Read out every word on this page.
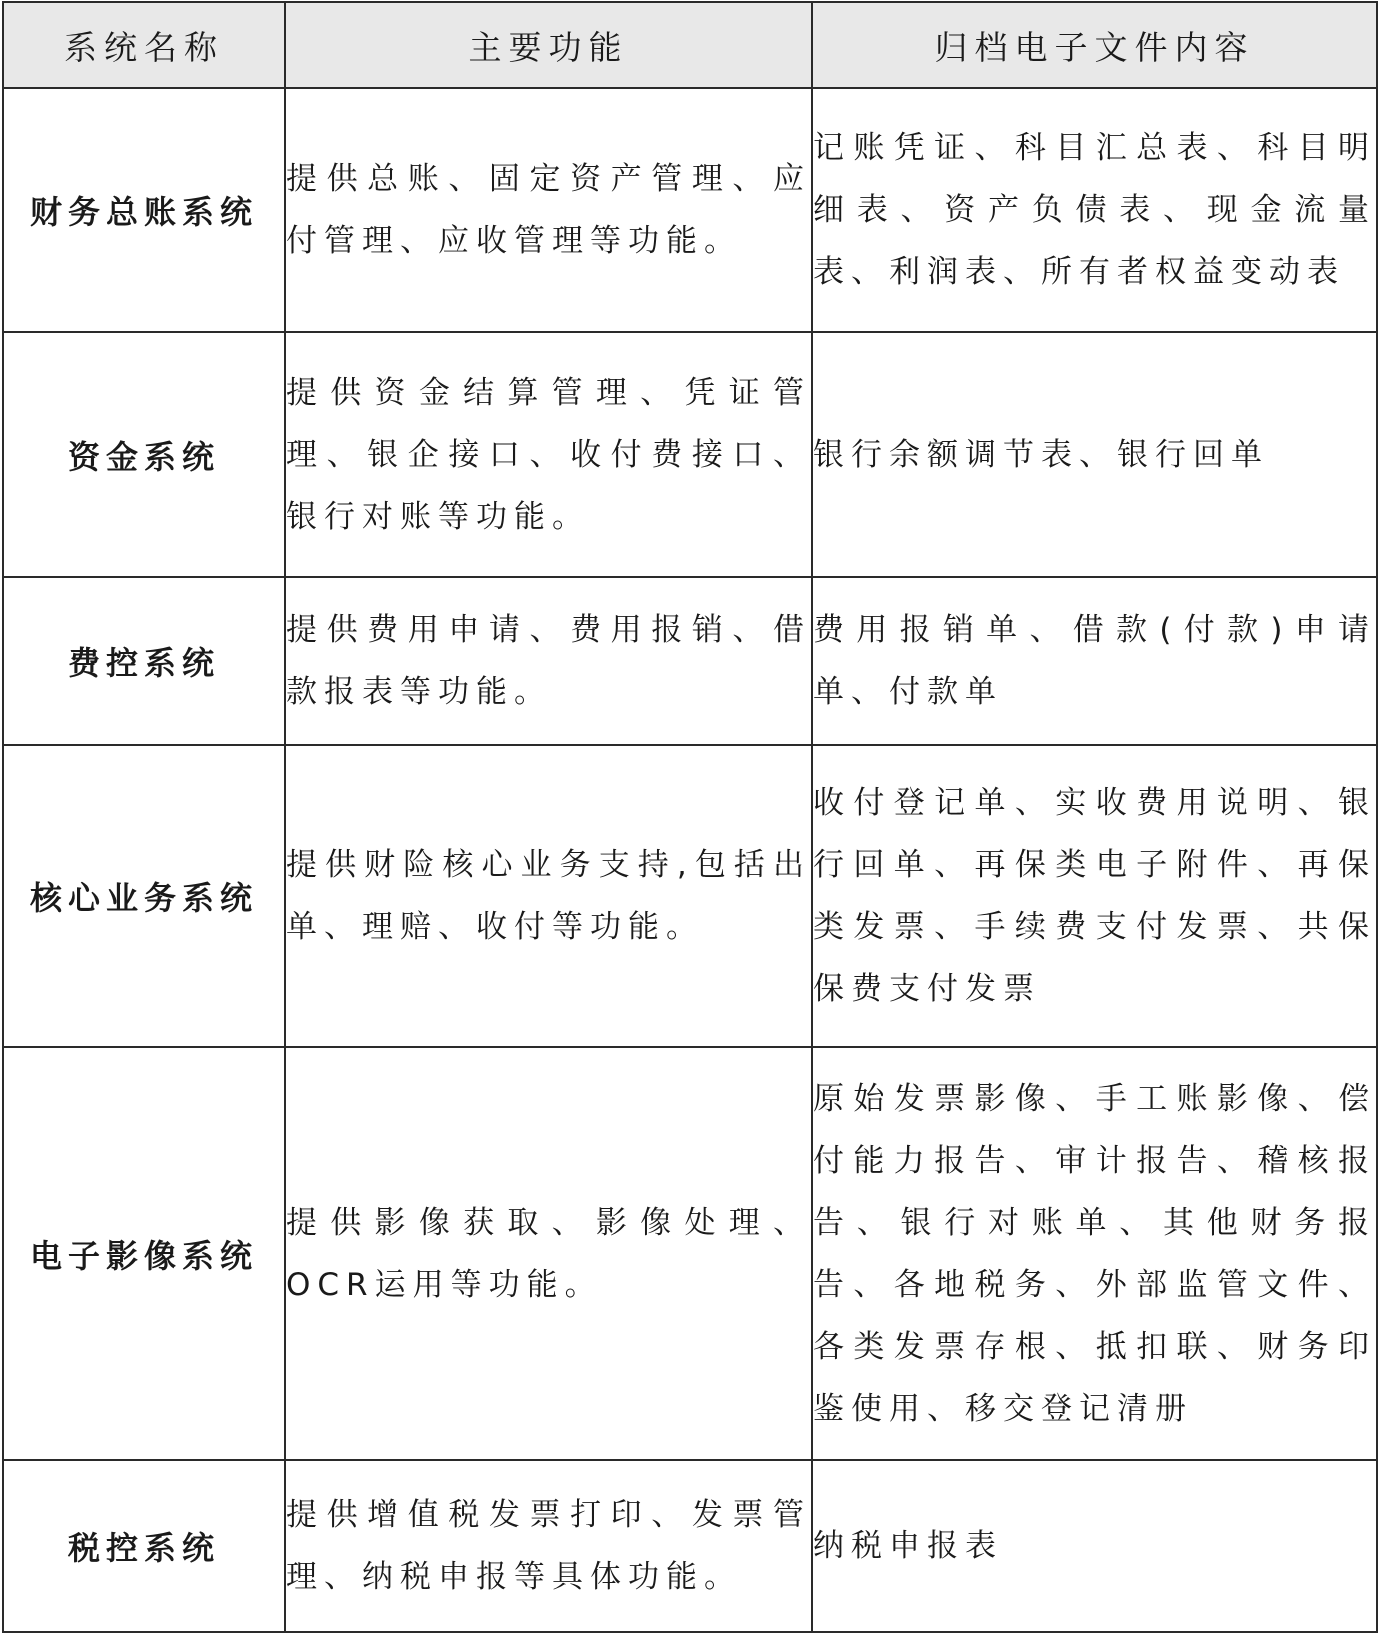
系统名称	主要功能	归档电子文件内容
财务总账系统	提供总账、固定资产管理、应付管理、应收管理等功能。	记账凭证、科目汇总表、科目明细表、资产负债表、现金流量表、利润表、所有者权益变动表

资金系统	提供资金结算管理、凭证管理、银企接口、收付费接口、银行对账等功能。	银行余额调节表、银行回单

费控系统	提供费用申请、费用报销、借款报表等功能。	费用报销单、借款(付款)申请单、付款单

核心业务系统	提供财险核心业务支持,包括出单、理赔、收付等功能。	收付登记单、实收费用说明、银行回单、再保类电子附件、再保类发票、手续费支付发票、共保保费支付发票

电子影像系统	提供影像获取、影像处理、OCR运用等功能。	原始发票影像、手工账影像、偿付能力报告、审计报告、稽核报告、银行对账单、其他财务报告、各地税务、外部监管文件、各类发票存根、抵扣联、财务印鉴使用、移交登记清册

税控系统	提供增值税发票打印、发票管理、纳税申报等具体功能。	纳税申报表
